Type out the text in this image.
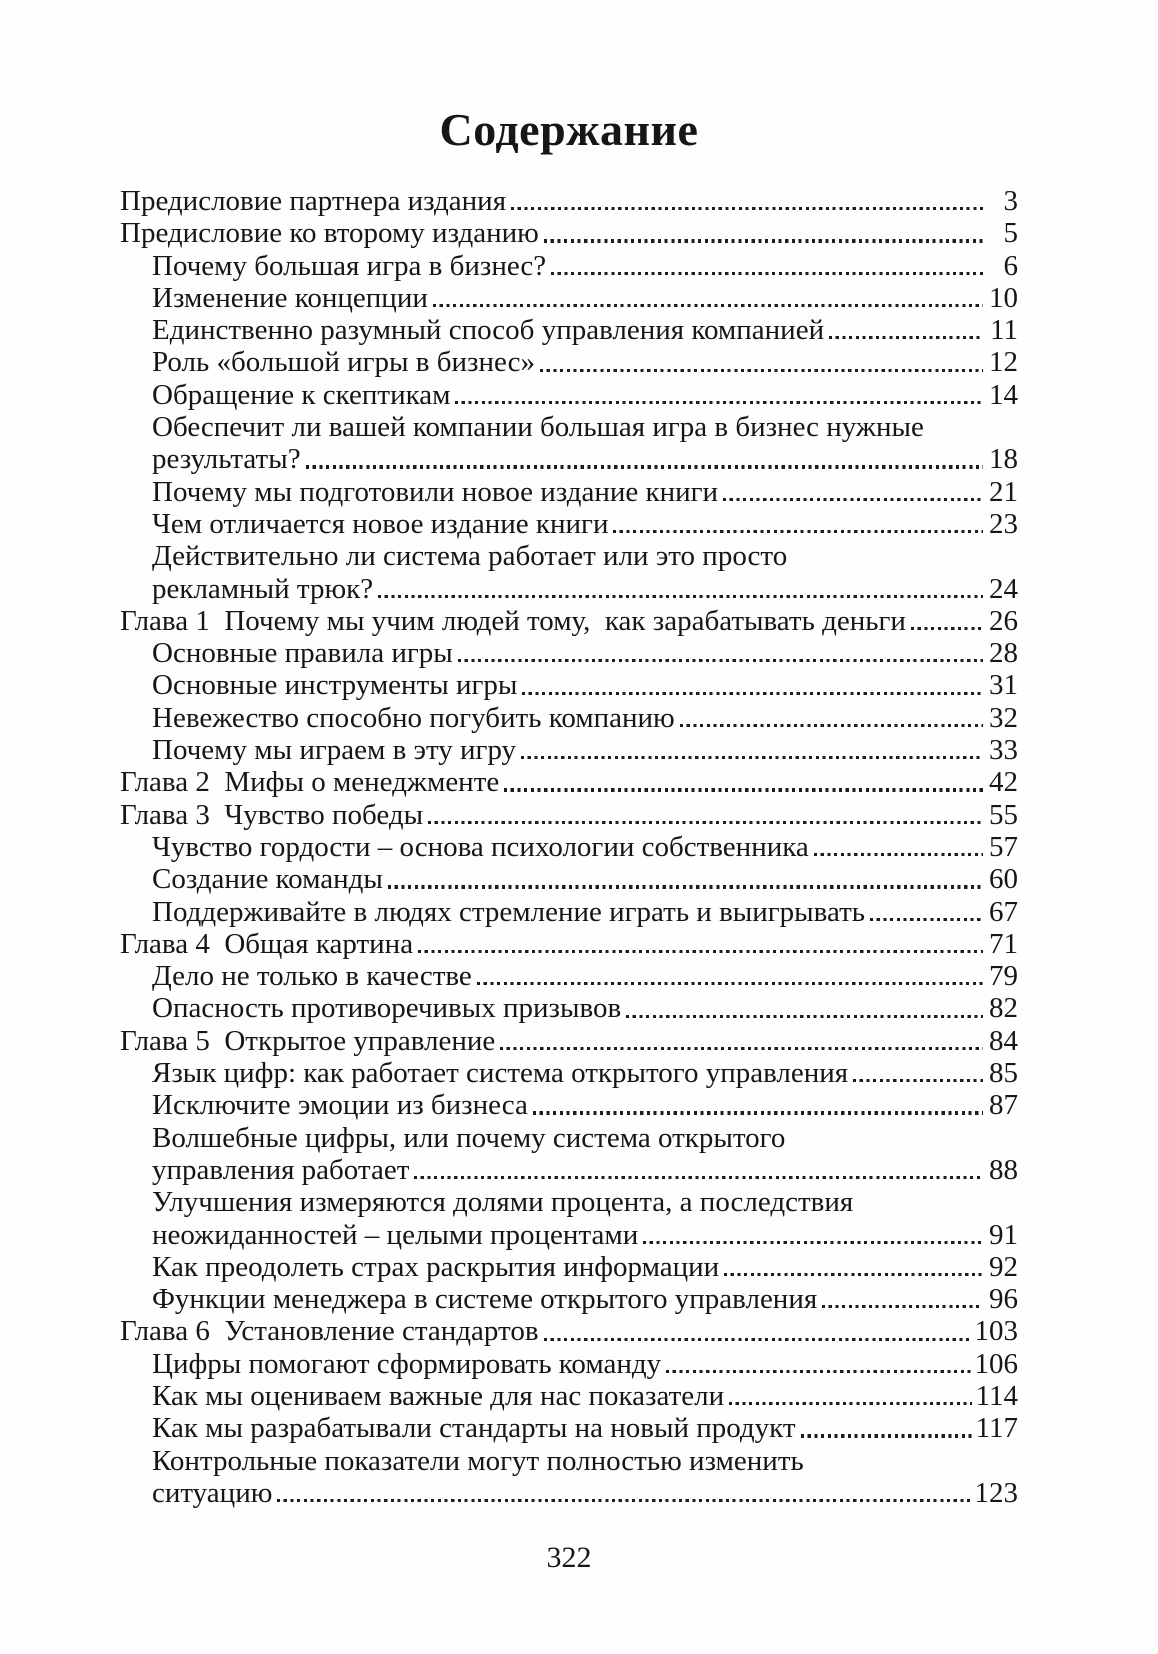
Содержание
Предисловие партнера издания	3
Предисловие ко второму изданию	5
Почему большая игра в бизнес?	6
Изменение концепции	10
Единственно разумный способ управления компанией	11
Роль «большой игры в бизнес»	12
Обращение к скептикам	14
Обеспечит ли вашей компании большая игра в бизнес нужные
результаты?	18
Почему мы подготовили новое издание книги	21
Чем отличается новое издание книги	23
Действительно ли система работает или это просто
рекламный трюк?	24
Глава 1  Почему мы учим людей тому,  как зарабатывать деньги	26
Основные правила игры	28
Основные инструменты игры	31
Невежество способно погубить компанию	32
Почему мы играем в эту игру	33
Глава 2  Мифы о менеджменте	42
Глава 3  Чувство победы	55
Чувство гордости – основа психологии собственника	57
Создание команды	60
Поддерживайте в людях стремление играть и выигрывать	67
Глава 4  Общая картина	71
Дело не только в качестве	79
Опасность противоречивых призывов	82
Глава 5  Открытое управление	84
Язык цифр: как работает система открытого управления	85
Исключите эмоции из бизнеса	87
Волшебные цифры, или почему система открытого
управления работает	88
Улучшения измеряются долями процента, а последствия
неожиданностей – целыми процентами	91
Как преодолеть страх раскрытия информации	92
Функции менеджера в системе открытого управления	96
Глава 6  Установление стандартов	103
Цифры помогают сформировать команду	106
Как мы оцениваем важные для нас показатели	114
Как мы разрабатывали стандарты на новый продукт	117
Контрольные показатели могут полностью изменить
ситуацию	123
322
